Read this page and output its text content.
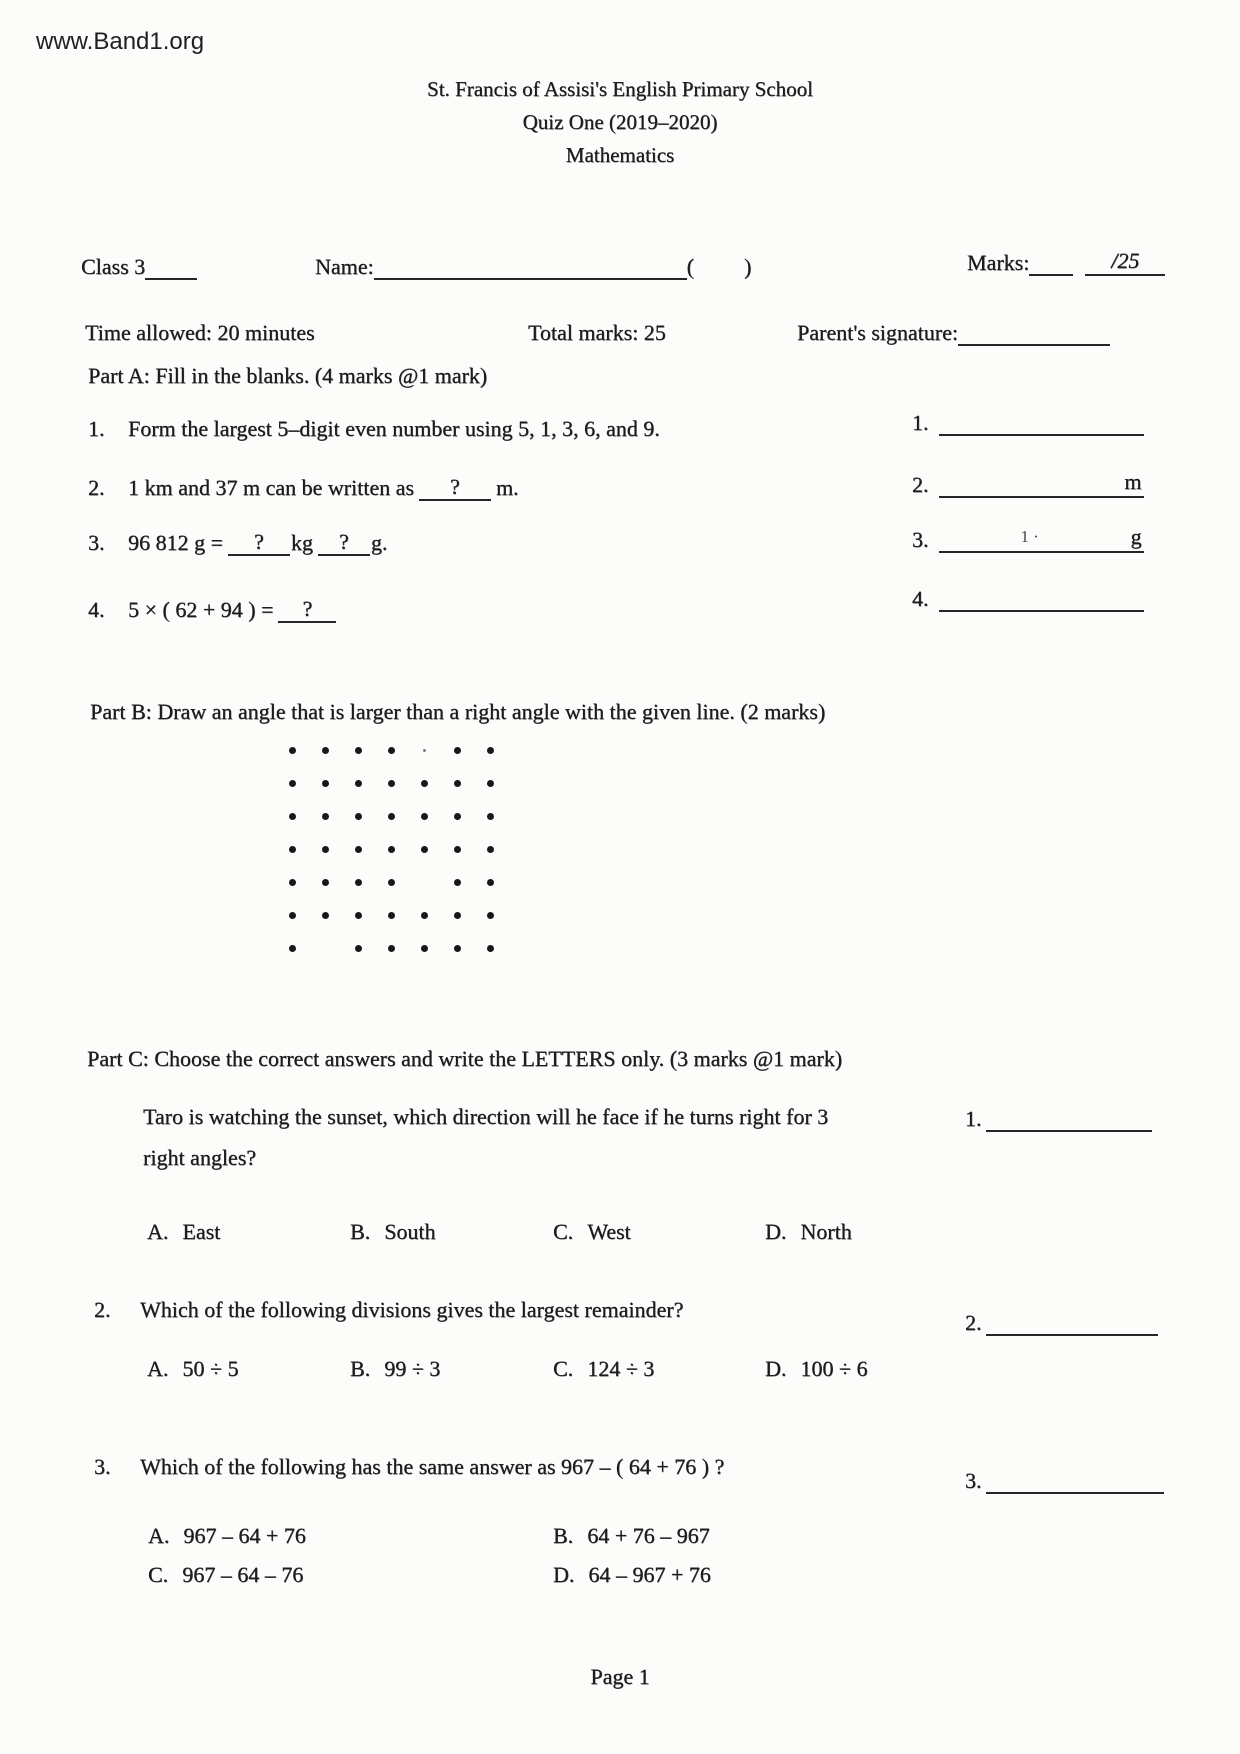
www.Band1.org
St. Francis of Assisi's English Primary School
Quiz One (2019–2020)
Mathematics
Class 3	Name:	( )	Marks:	/25
Time allowed: 20 minutes	Total marks: 25	Parent's signature:
Part A: Fill in the blanks. (4 marks @1 mark)
1. Form the largest 5–digit even number using 5, 1, 3, 6, and 9.
2. 1 km and 37 m can be written as ? m.
3. 96 812 g = ? kg ? g.
4. 5 × ( 62 + 94 ) = ?
1.
2.	m
3.	1 ·	g
4.
Part B: Draw an angle that is larger than a right angle with the given line. (2 marks)
Part C: Choose the correct answers and write the LETTERS only. (3 marks @1 mark)
Taro is watching the sunset, which direction will he face if he turns right for 3
right angles?
1.
A. East	B. South	C. West	D. North
2. Which of the following divisions gives the largest remainder?
2.
A. 50 ÷ 5	B. 99 ÷ 3	C. 124 ÷ 3	D. 100 ÷ 6
3. Which of the following has the same answer as 967 – ( 64 + 76 ) ?
3.
A. 967 – 64 + 76	B. 64 + 76 – 967
C. 967 – 64 – 76	D. 64 – 967 + 76
Page 1
